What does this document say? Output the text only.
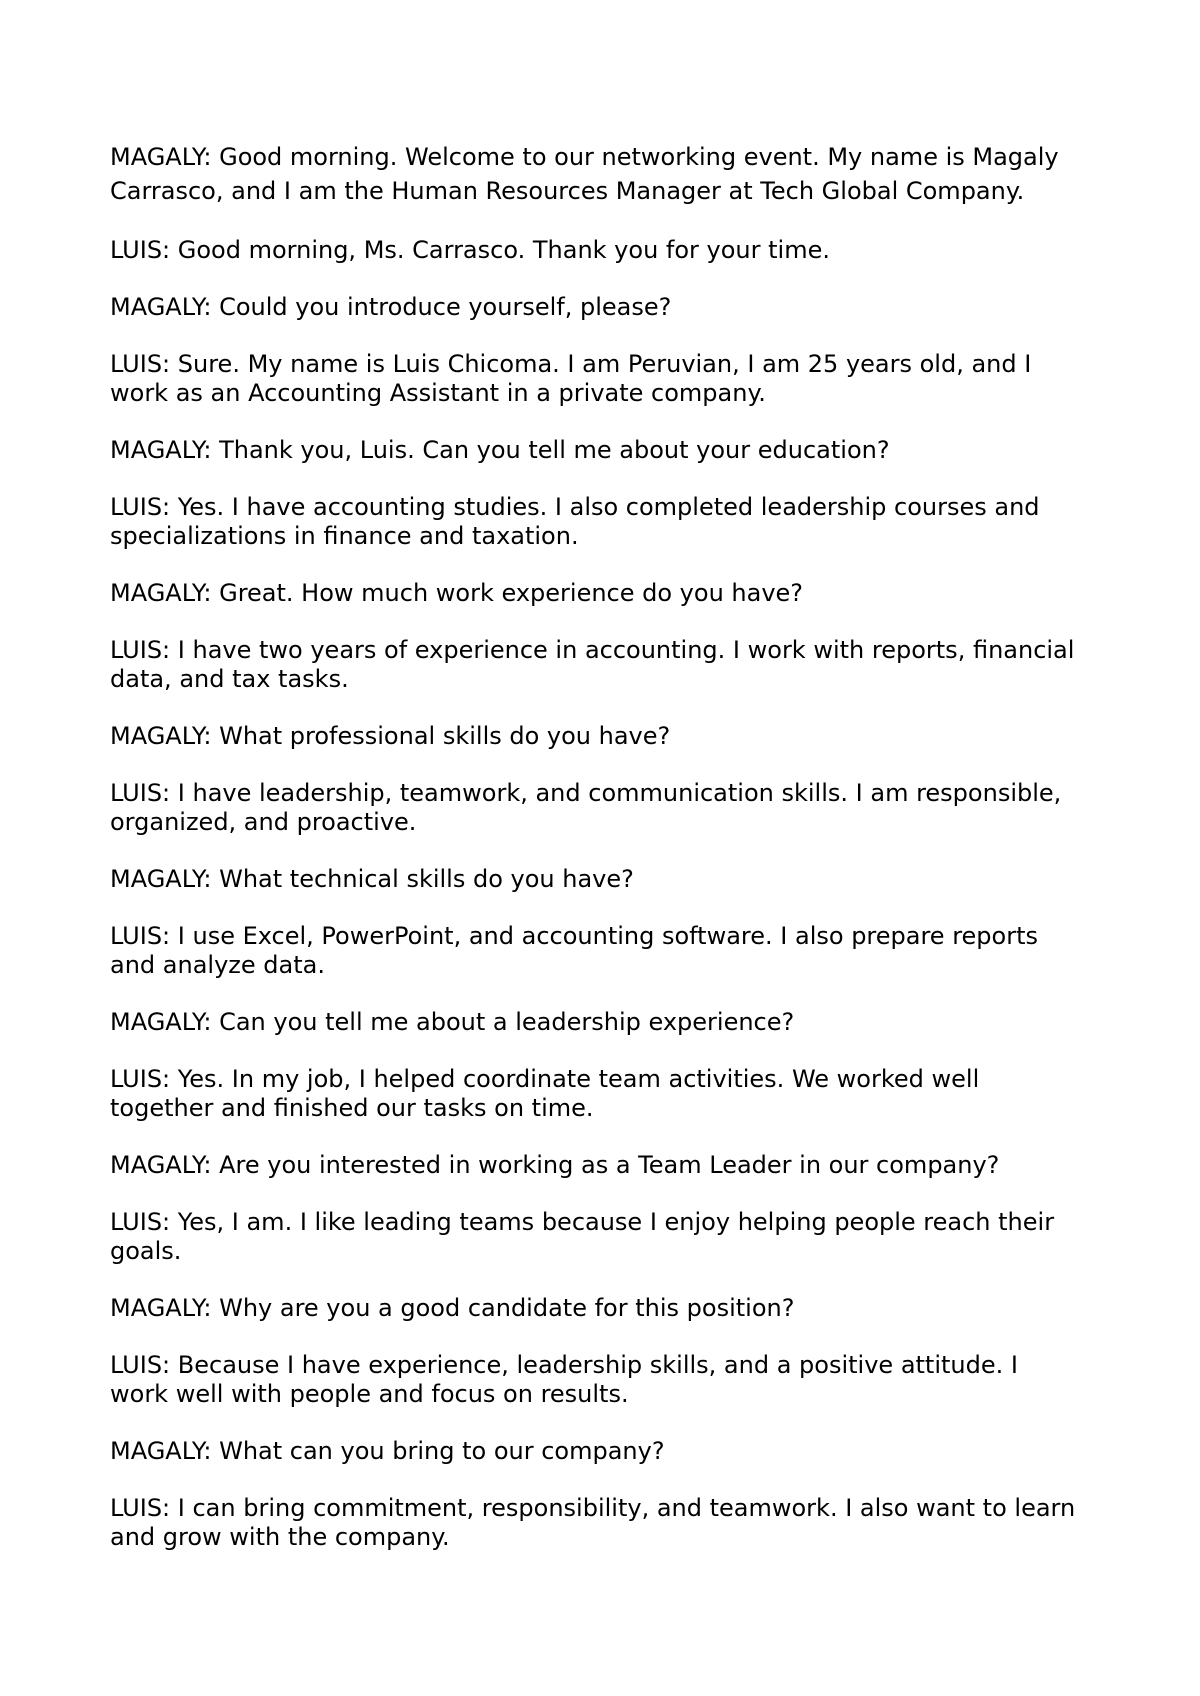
MAGALY: Good morning. Welcome to our networking event. My name is Magaly
Carrasco, and I am the Human Resources Manager at Tech Global Company.

LUIS: Good morning, Ms. Carrasco. Thank you for your time.

MAGALY: Could you introduce yourself, please?

LUIS: Sure. My name is Luis Chicoma. I am Peruvian, I am 25 years old, and I
work as an Accounting Assistant in a private company.

MAGALY: Thank you, Luis. Can you tell me about your education?

LUIS: Yes. I have accounting studies. I also completed leadership courses and
specializations in finance and taxation.

MAGALY: Great. How much work experience do you have?

LUIS: I have two years of experience in accounting. I work with reports, financial
data, and tax tasks.

MAGALY: What professional skills do you have?

LUIS: I have leadership, teamwork, and communication skills. I am responsible,
organized, and proactive.

MAGALY: What technical skills do you have?

LUIS: I use Excel, PowerPoint, and accounting software. I also prepare reports
and analyze data.

MAGALY: Can you tell me about a leadership experience?

LUIS: Yes. In my job, I helped coordinate team activities. We worked well
together and finished our tasks on time.

MAGALY: Are you interested in working as a Team Leader in our company?

LUIS: Yes, I am. I like leading teams because I enjoy helping people reach their
goals.

MAGALY: Why are you a good candidate for this position?

LUIS: Because I have experience, leadership skills, and a positive attitude. I
work well with people and focus on results.

MAGALY: What can you bring to our company?

LUIS: I can bring commitment, responsibility, and teamwork. I also want to learn
and grow with the company.
